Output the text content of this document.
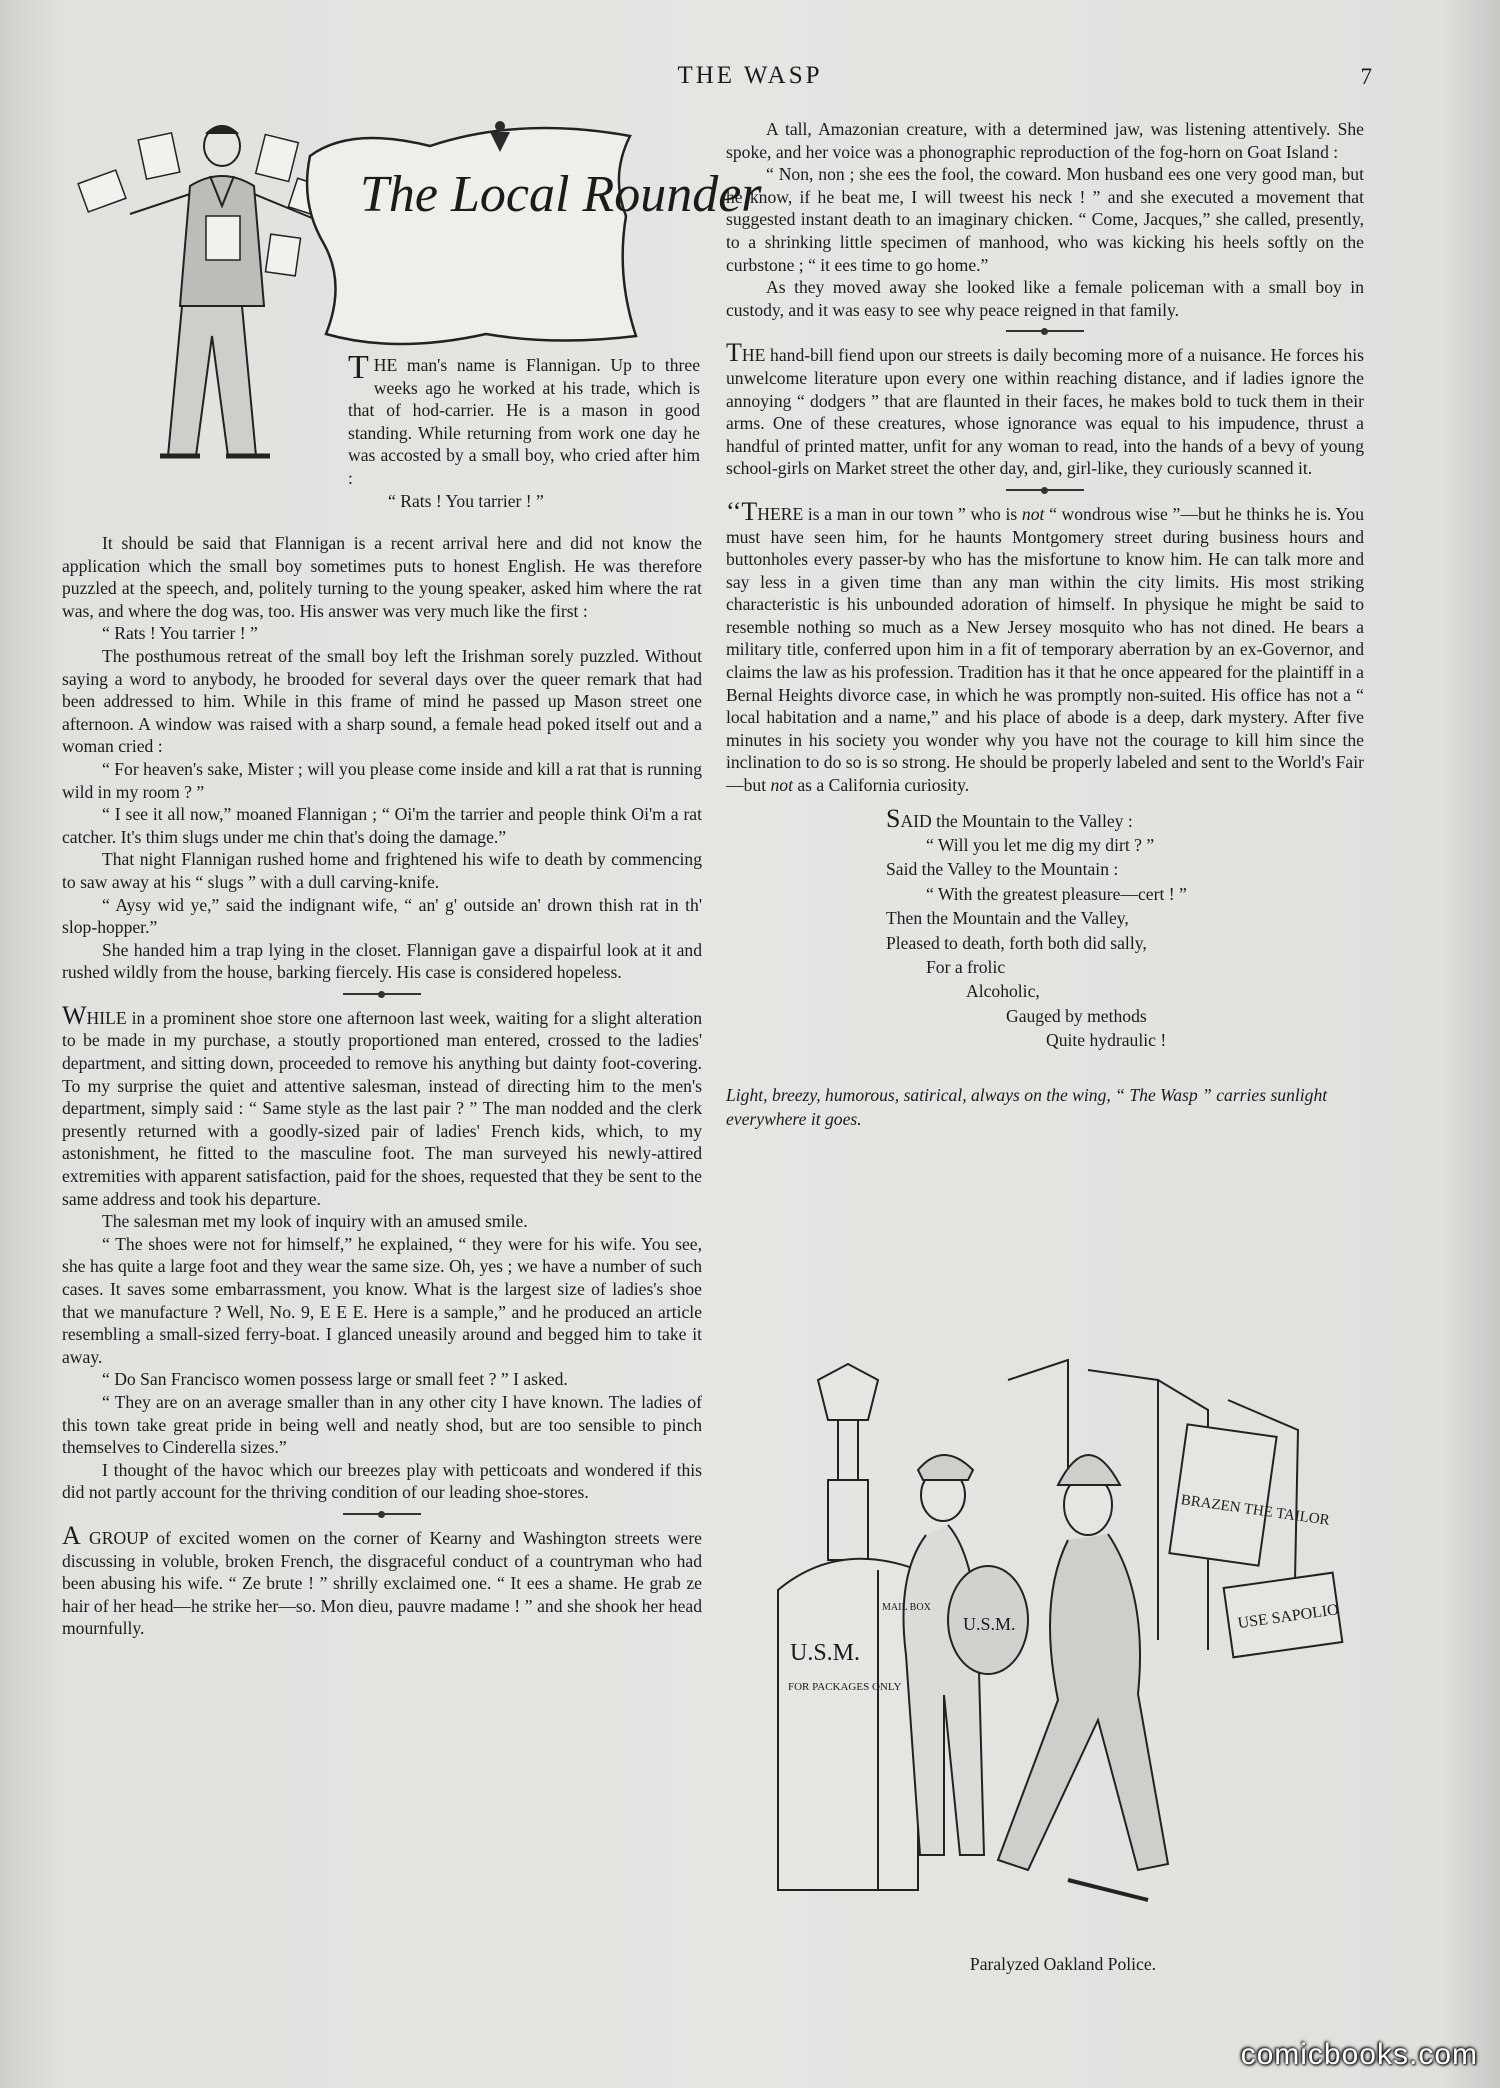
THE WASP	7
The Local Rounder

THE man's name is Flannigan. Up to three weeks ago he worked at his trade, which is that of hod-carrier. He is a mason in good standing. While returning from work one day he was accosted by a small boy, who cried after him :

“ Rats ! You tarrier ! ”

It should be said that Flannigan is a recent arrival here and did not know the application which the small boy sometimes puts to honest English. He was therefore puzzled at the speech, and, politely turning to the young speaker, asked him where the rat was, and where the dog was, too. His answer was very much like the first :

“ Rats ! You tarrier ! ”

The posthumous retreat of the small boy left the Irishman sorely puzzled. Without saying a word to anybody, he brooded for several days over the queer remark that had been addressed to him. While in this frame of mind he passed up Mason street one afternoon. A window was raised with a sharp sound, a female head poked itself out and a woman cried :

“ For heaven's sake, Mister ; will you please come inside and kill a rat that is running wild in my room ? ”

“ I see it all now,” moaned Flannigan ; “ Oi'm the tarrier and people think Oi'm a rat catcher. It's thim slugs under me chin that's doing the damage.”

That night Flannigan rushed home and frightened his wife to death by commencing to saw away at his “ slugs ” with a dull carving-knife.

“ Aysy wid ye,” said the indignant wife, “ an' g' outside an' drown thish rat in th' slop-hopper.”

She handed him a trap lying in the closet. Flannigan gave a dispairful look at it and rushed wildly from the house, barking fiercely. His case is considered hopeless.

WHILE in a prominent shoe store one afternoon last week, waiting for a slight alteration to be made in my purchase, a stoutly proportioned man entered, crossed to the ladies' department, and sitting down, proceeded to remove his anything but dainty foot-covering. To my surprise the quiet and attentive salesman, instead of directing him to the men's department, simply said : “ Same style as the last pair ? ” The man nodded and the clerk presently returned with a goodly-sized pair of ladies' French kids, which, to my astonishment, he fitted to the masculine foot. The man surveyed his newly-attired extremities with apparent satisfaction, paid for the shoes, requested that they be sent to the same address and took his departure.

The salesman met my look of inquiry with an amused smile.

“ The shoes were not for himself,” he explained, “ they were for his wife. You see, she has quite a large foot and they wear the same size. Oh, yes ; we have a number of such cases. It saves some embarrassment, you know. What is the largest size of ladies's shoe that we manufacture ? Well, No. 9, E E E. Here is a sample,” and he produced an article resembling a small-sized ferry-boat. I glanced uneasily around and begged him to take it away.

“ Do San Francisco women possess large or small feet ? ” I asked.

“ They are on an average smaller than in any other city I have known. The ladies of this town take great pride in being well and neatly shod, but are too sensible to pinch themselves to Cinderella sizes.”

I thought of the havoc which our breezes play with petticoats and wondered if this did not partly account for the thriving condition of our leading shoe-stores.

A GROUP of excited women on the corner of Kearny and Washington streets were discussing in voluble, broken French, the disgraceful conduct of a countryman who had been abusing his wife. “ Ze brute ! ” shrilly exclaimed one. “ It ees a shame. He grab ze hair of her head—he strike her—so. Mon dieu, pauvre madame ! ” and she shook her head mournfully.

A tall, Amazonian creature, with a determined jaw, was listening attentively. She spoke, and her voice was a phonographic reproduction of the fog-horn on Goat Island :

“ Non, non ; she ees the fool, the coward. Mon husband ees one very good man, but he know, if he beat me, I will tweest his neck ! ” and she executed a movement that suggested instant death to an imaginary chicken. “ Come, Jacques,” she called, presently, to a shrinking little specimen of manhood, who was kicking his heels softly on the curbstone ; “ it ees time to go home.”

As they moved away she looked like a female policeman with a small boy in custody, and it was easy to see why peace reigned in that family.

THE hand-bill fiend upon our streets is daily becoming more of a nuisance. He forces his unwelcome literature upon every one within reaching distance, and if ladies ignore the annoying “ dodgers ” that are flaunted in their faces, he makes bold to tuck them in their arms. One of these creatures, whose ignorance was equal to his impudence, thrust a handful of printed matter, unfit for any woman to read, into the hands of a bevy of young school-girls on Market street the other day, and, girl-like, they curiously scanned it.

‘‘THERE is a man in our town ” who is not “ wondrous wise ”—but he thinks he is. You must have seen him, for he haunts Montgomery street during business hours and buttonholes every passer-by who has the misfortune to know him. He can talk more and say less in a given time than any man within the city limits. His most striking characteristic is his unbounded adoration of himself. In physique he might be said to resemble nothing so much as a New Jersey mosquito who has not dined. He bears a military title, conferred upon him in a fit of temporary aberration by an ex-Governor, and claims the law as his profession. Tradition has it that he once appeared for the plaintiff in a Bernal Heights divorce case, in which he was promptly non-suited. His office has not a “ local habitation and a name,” and his place of abode is a deep, dark mystery. After five minutes in his society you wonder why you have not the courage to kill him since the inclination to do so is so strong. He should be properly labeled and sent to the World's Fair—but not as a California curiosity.

SAID the Mountain to the Valley :
“ Will you let me dig my dirt ? ”
Said the Valley to the Mountain :
“ With the greatest pleasure—cert ! ”
Then the Mountain and the Valley,
Pleased to death, forth both did sally,
For a frolic
Alcoholic,
Gauged by methods
Quite hydraulic !
Light, breezy, humorous, satirical, always on the wing, “ The Wasp ” carries sunlight everywhere it goes.
U.S.M.
FOR PACKAGES ONLY
MAIL BOX
U.S.M.
BRAZEN THE TAILOR
USE SAPOLIO
Paralyzed Oakland Police.
comicbooks.com
